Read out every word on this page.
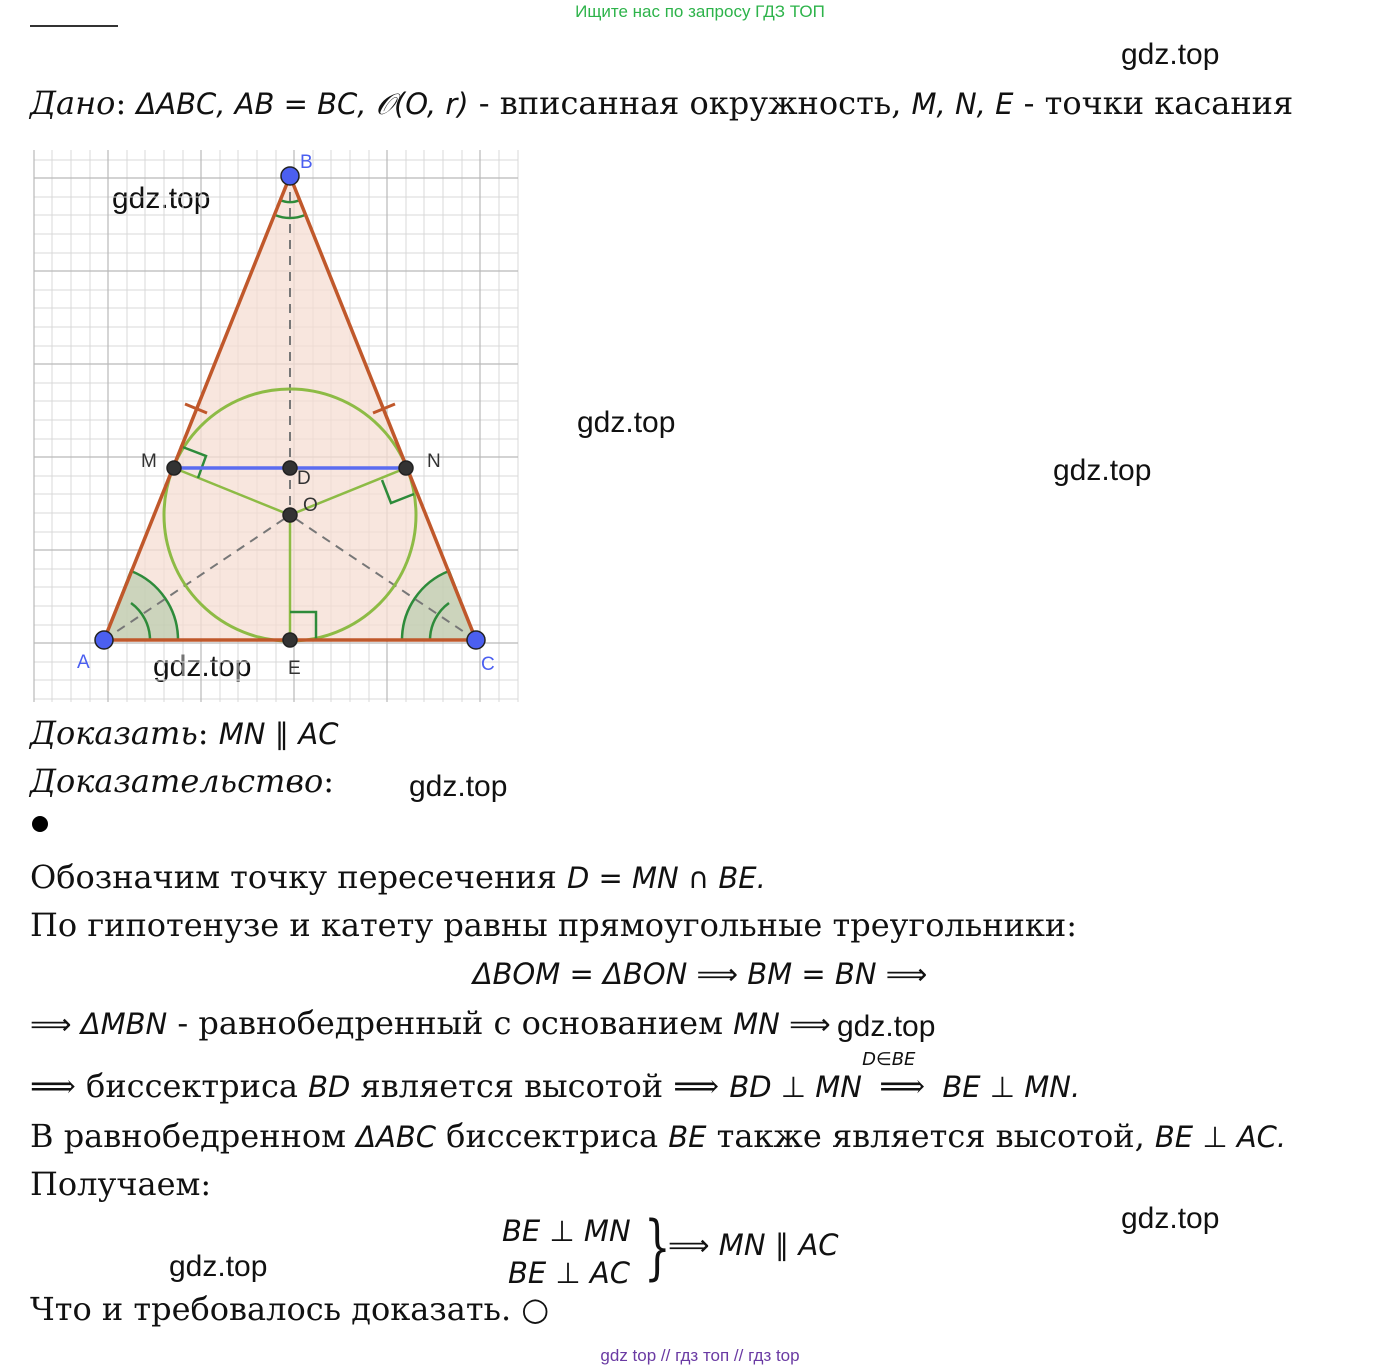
Ищите нас по запросу ГДЗ ТОП
gdz.top
gdz.top
gdz.top
gdz.top
gdz.top
gdz.top
gdz.top
gdz.top
gdz.top
Дано: ΔABC, AB = BC, 𝒪(O, r) - вписанная окружность, M, N, E - точки касания
B
A	C
M	N
D
O
E
Доказать: MN ∥ AC
Доказательство:
Обозначим точку пересечения D = MN ∩ BE.
По гипотенузе и катету равны прямоугольные треугольники:
ΔBOM = ΔBON ⟹ BM = BN ⟹
⟹ ΔMBN - равнобедренный с основанием MN ⟹
⟹ биссектриса BD является высотой ⟹ BD ⊥ MN
D∈BE
⟹ BE ⊥ MN.
В равнобедренном ΔABC биссектриса BE также является высотой, BE ⊥ AC.
Получаем:
BE ⊥ MN
BE ⊥ AC }
⟹ MN ∥ AC
Что и требовалось доказать. ○
gdz top // гдз топ // гдз top
